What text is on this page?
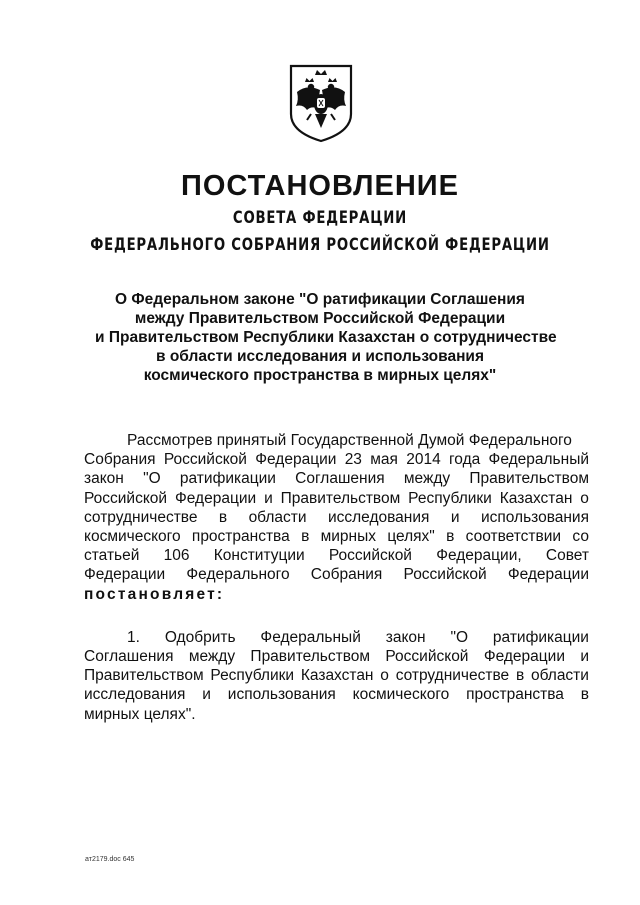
ПОСТАНОВЛЕНИЕ
СОВЕТА ФЕДЕРАЦИИ
ФЕДЕРАЛЬНОГО СОБРАНИЯ РОССИЙСКОЙ ФЕДЕРАЦИИ
О Федеральном законе "О ратификации Соглашения
между Правительством Российской Федерации
и Правительством Республики Казахстан о сотрудничестве
в области исследования и использования
космического пространства в мирных целях"
Рассмотрев принятый Государственной Думой Федерального
Собрания Российской Федерации 23 мая 2014 года Федеральный
закон "О ратификации Соглашения между Правительством
Российской Федерации и Правительством Республики Казахстан о
сотрудничестве в области исследования и использования
космического пространства в мирных целях" в соответствии со
статьей 106 Конституции Российской Федерации, Совет
Федерации Федерального Собрания Российской Федерации
постановляет:
1. Одобрить Федеральный закон "О ратификации
Соглашения между Правительством Российской Федерации и
Правительством Республики Казахстан о сотрудничестве в области
исследования и использования космического пространства в
мирных целях".
ат2179.doc 645
